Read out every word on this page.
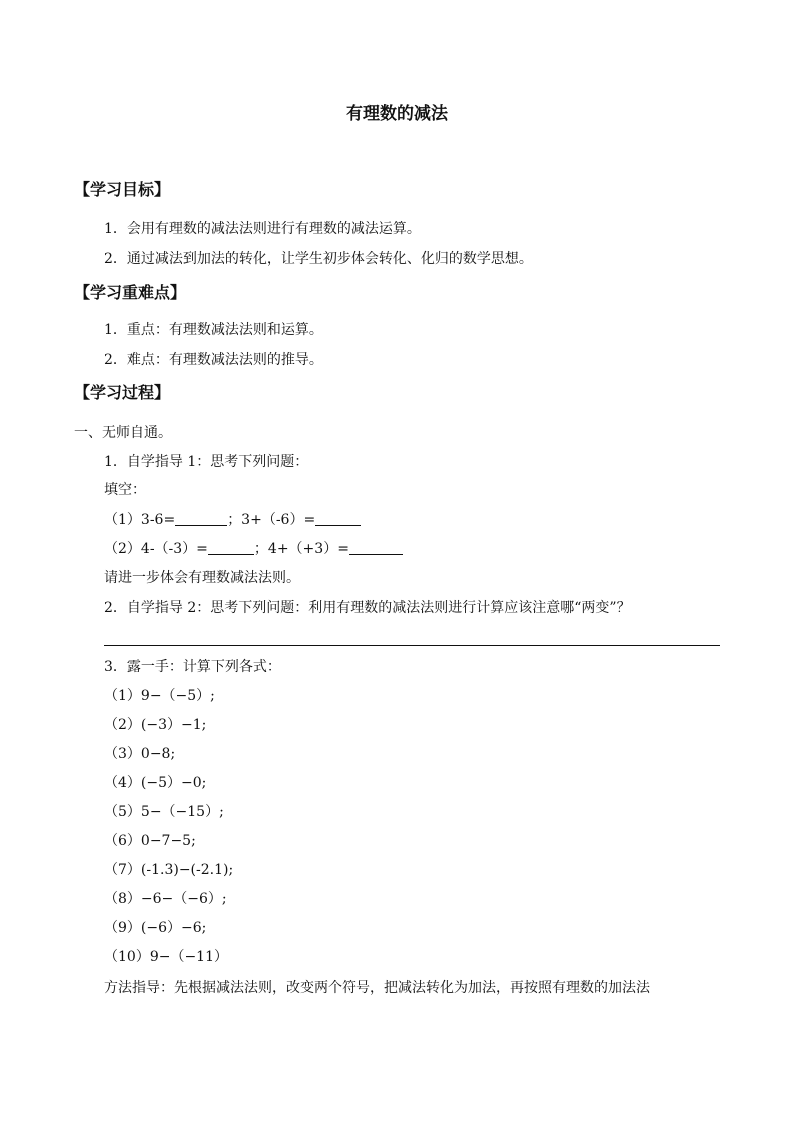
有理数的减法
【学习目标】
1．会用有理数的减法法则进行有理数的减法运算。
2．通过减法到加法的转化，让学生初步体会转化、化归的数学思想。
【学习重难点】
1．重点：有理数减法法则和运算。
2．难点：有理数减法法则的推导。
【学习过程】
一、无师自通。
1．自学指导 1：思考下列问题：
填空：
（1）3-6=	；3+（-6）=
（2）4-（-3）=	；4+（+3）=
请进一步体会有理数减法法则。
2．自学指导 2：思考下列问题：利用有理数的减法法则进行计算应该注意哪“两变”？
3．露一手：计算下列各式：
（1）9−（−5）;
（2）(−3）−1;
（3）0−8;
（4）(−5）−0;
（5）5−（−15）;
（6）0−7−5;
（7）(-1.3)−(-2.1);
（8）−6−（−6）;
（9）(−6）−6;
（10）9−（−11）
方法指导：先根据减法法则，改变两个符号，把减法转化为加法，再按照有理数的加法法
